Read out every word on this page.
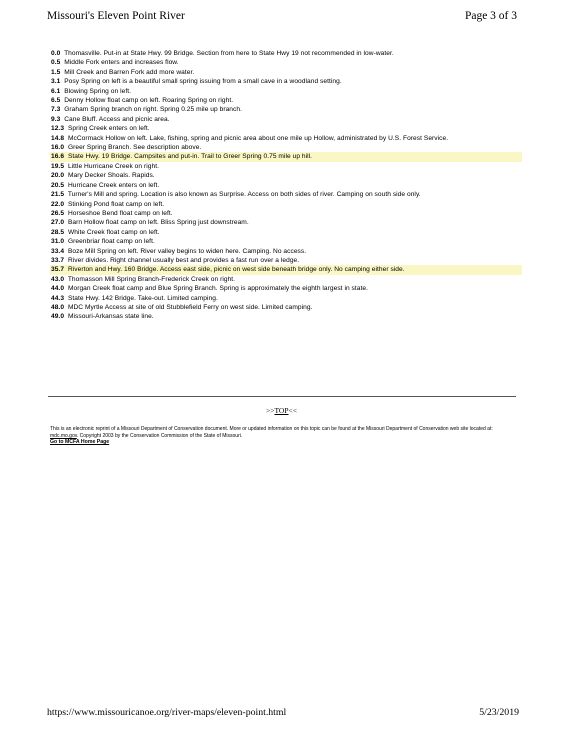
Missouri's Eleven Point River	Page 3 of 3
0.0 Thomasville. Put-in at State Hwy. 99 Bridge. Section from here to State Hwy 19 not recommended in low-water.
0.5 Middle Fork enters and increases flow.
1.5 Mill Creek and Barren Fork add more water.
3.1 Posy Spring on left is a beautiful small spring issuing from a small cave in a woodland setting.
6.1 Blowing Spring on left.
6.5 Denny Hollow float camp on left. Roaring Spring on right.
7.3 Graham Spring branch on right. Spring 0.25 mile up branch.
9.3 Cane Bluff. Access and picnic area.
12.3 Spring Creek enters on left.
14.8 McCormack Hollow on left. Lake, fishing, spring and picnic area about one mile up Hollow, administrated by U.S. Forest Service.
16.0 Greer Spring Branch. See description above.
16.6 State Hwy. 19 Bridge. Campsites and put-in. Trail to Greer Spring 0.75 mile up hill.
19.5 Little Hurricane Creek on right.
20.0 Mary Decker Shoals. Rapids.
20.5 Hurricane Creek enters on left.
21.5 Turner's Mill and spring. Location is also known as Surprise. Access on both sides of river. Camping on south side only.
22.0 Stinking Pond float camp on left.
26.5 Horseshoe Bend float camp on left.
27.0 Barn Hollow float camp on left. Bliss Spring just downstream.
28.5 White Creek float camp on left.
31.0 Greenbriar float camp on left.
33.4 Boze Mill Spring on left. River valley begins to widen here. Camping. No access.
33.7 River divides. Right channel usually best and provides a fast run over a ledge.
35.7 Riverton and Hwy. 160 Bridge. Access east side, picnic on west side beneath bridge only. No camping either side.
43.0 Thomasson Mill Spring Branch-Frederick Creek on right.
44.0 Morgan Creek float camp and Blue Spring Branch. Spring is approximately the eighth largest in state.
44.3 State Hwy. 142 Bridge. Take-out. Limited camping.
48.0 MDC Myrtle Access at site of old Stubblefield Ferry on west side. Limited camping.
49.0 Missouri-Arkansas state line.
>>TOP<<
This is an electronic reprint of a Missouri Department of Conservation document. More or updated information on this topic can be found at the Missouri Department of Conservation web site located at: mdc.mo.gov. Copyright 2003 by the Conservation Commission of the State of Missouri.
Go to MCFA Home Page
https://www.missouricanoe.org/river-maps/eleven-point.html	5/23/2019
